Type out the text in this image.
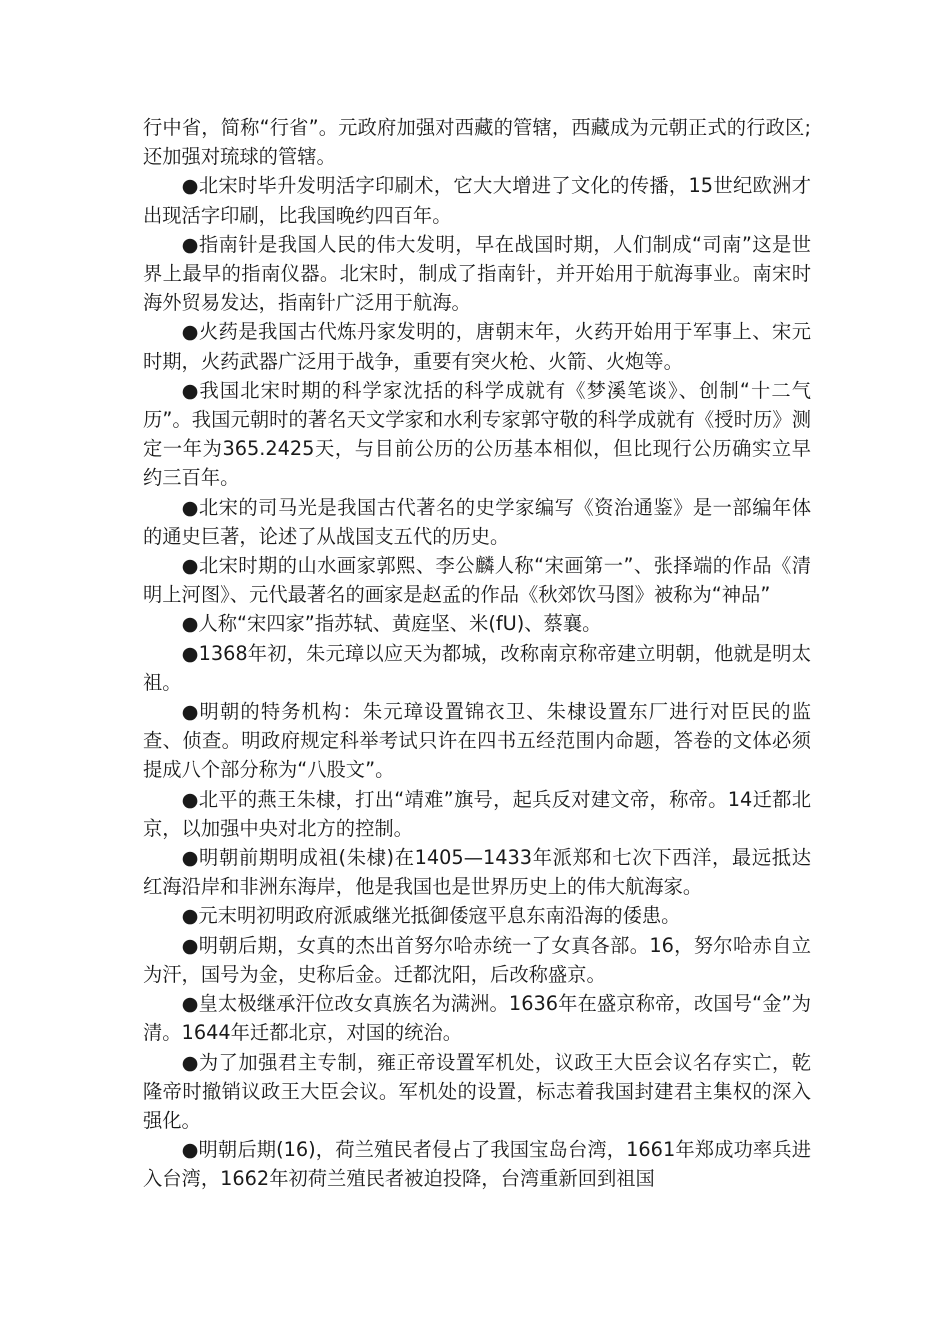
行中省，简称“行省”。元政府加强对西藏的管辖，西藏成为元朝正式的行政区;还加强对琉球的管辖。

●北宋时毕升发明活字印刷术，它大大增进了文化的传播，15世纪欧洲才出现活字印刷，比我国晚约四百年。

●指南针是我国人民的伟大发明，早在战国时期，人们制成“司南”这是世界上最早的指南仪器。北宋时，制成了指南针，并开始用于航海事业。南宋时海外贸易发达，指南针广泛用于航海。

●火药是我国古代炼丹家发明的，唐朝末年，火药开始用于军事上、宋元时期，火药武器广泛用于战争，重要有突火枪、火箭、火炮等。

●我国北宋时期的科学家沈括的科学成就有《梦溪笔谈》、创制“十二气历”。我国元朝时的著名天文学家和水利专家郭守敬的科学成就有《授时历》测定一年为365.2425天，与目前公历的公历基本相似，但比现行公历确实立早约三百年。

●北宋的司马光是我国古代著名的史学家编写《资治通鉴》是一部编年体的通史巨著，论述了从战国支五代的历史。

●北宋时期的山水画家郭熙、李公麟人称“宋画第一”、张择端的作品《清明上河图》、元代最著名的画家是赵孟的作品《秋郊饮马图》被称为“神品”

●人称“宋四家”指苏轼、黄庭坚、米(fU)、蔡襄。

●1368年初，朱元璋以应天为都城，改称南京称帝建立明朝，他就是明太祖。

●明朝的特务机构：朱元璋设置锦衣卫、朱棣设置东厂进行对臣民的监查、侦查。明政府规定科举考试只许在四书五经范围内命题，答卷的文体必须提成八个部分称为“八股文”。

●北平的燕王朱棣，打出“靖难”旗号，起兵反对建文帝，称帝。14迁都北京，以加强中央对北方的控制。

●明朝前期明成祖(朱棣)在1405—1433年派郑和七次下西洋，最远抵达红海沿岸和非洲东海岸，他是我国也是世界历史上的伟大航海家。

●元末明初明政府派戚继光抵御倭寇平息东南沿海的倭患。

●明朝后期，女真的杰出首努尔哈赤统一了女真各部。16，努尔哈赤自立为汗，国号为金，史称后金。迁都沈阳，后改称盛京。

●皇太极继承汗位改女真族名为满洲。1636年在盛京称帝，改国号“金”为清。1644年迁都北京，对国的统治。

●为了加强君主专制，雍正帝设置军机处，议政王大臣会议名存实亡，乾隆帝时撤销议政王大臣会议。军机处的设置，标志着我国封建君主集权的深入强化。

●明朝后期(16)，荷兰殖民者侵占了我国宝岛台湾，1661年郑成功率兵进入台湾，1662年初荷兰殖民者被迫投降，台湾重新回到祖国
